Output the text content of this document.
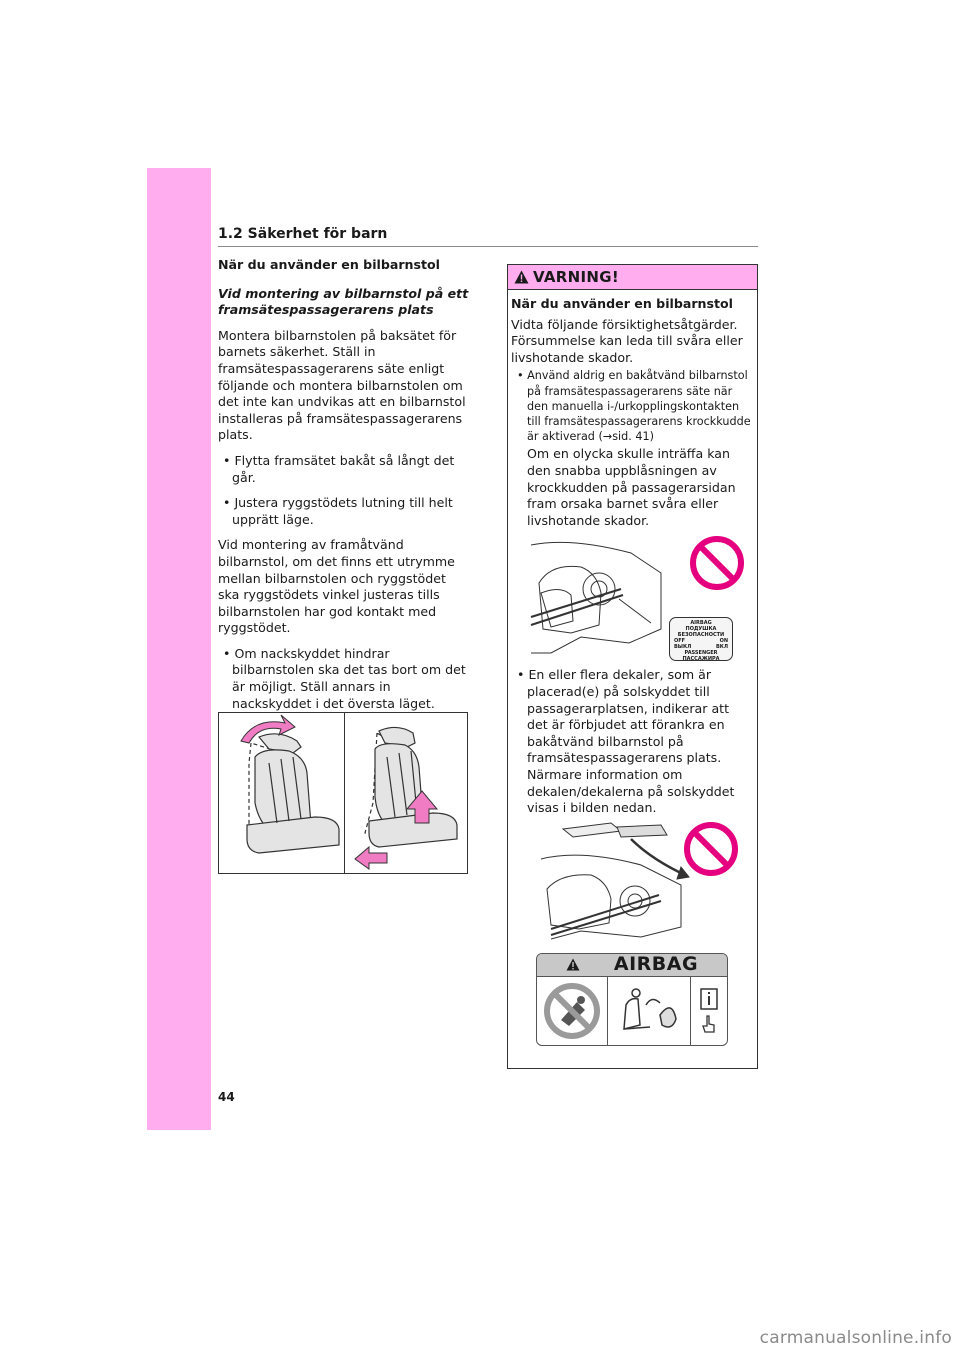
1.2 Säkerhet för barn

När du använder en bilbarnstol

Vid montering av bilbarnstol på ett framsätespassagerarens plats

Montera bilbarnstolen på baksätet för barnets säkerhet. Ställ in framsätespassagerarens säte enligt följande och montera bilbarnstolen om det inte kan undvikas att en bilbarnstol installeras på framsätespassagerarens plats.

• Flytta framsätet bakåt så långt det går.

• Justera ryggstödets lutning till helt upprätt läge.

Vid montering av framåtvänd bilbarnstol, om det finns ett utrymme mellan bilbarnstolen och ryggstödet ska ryggstödets vinkel justeras tills bilbarnstolen har god kontakt med ryggstödet.

• Om nackskyddet hindrar bilbarnstolen ska det tas bort om det är möjligt. Ställ annars in nackskyddet i det översta läget.

VARNING!

När du använder en bilbarnstol

Vidta följande försiktighetsåtgärder. Försummelse kan leda till svåra eller livshotande skador.

• Använd aldrig en bakåtvänd bilbarnstol på framsätespassagerarens säte när den manuella i-/urkopplingskontakten till framsätespassagerarens krockkudde är aktiverad (→sid. 41)

Om en olycka skulle inträffa kan den snabba uppblåsningen av krockkudden på passagerarsidan fram orsaka barnet svåra eller livshotande skador.

AIRBAG
ПОДУШКА БЕЗОПАСНОСТИ
OFF	ON
ВЫКЛ	ВКЛ
PASSENGER
ПАССАЖИРА

• En eller flera dekaler, som är placerad(e) på solskyddet till passagerarplatsen, indikerar att det är förbjudet att förankra en bakåtvänd bilbarnstol på framsätespassagerarens plats. Närmare information om dekalen/dekalerna på solskyddet visas i bilden nedan.

AIRBAG
44
carmanualsonline.info
